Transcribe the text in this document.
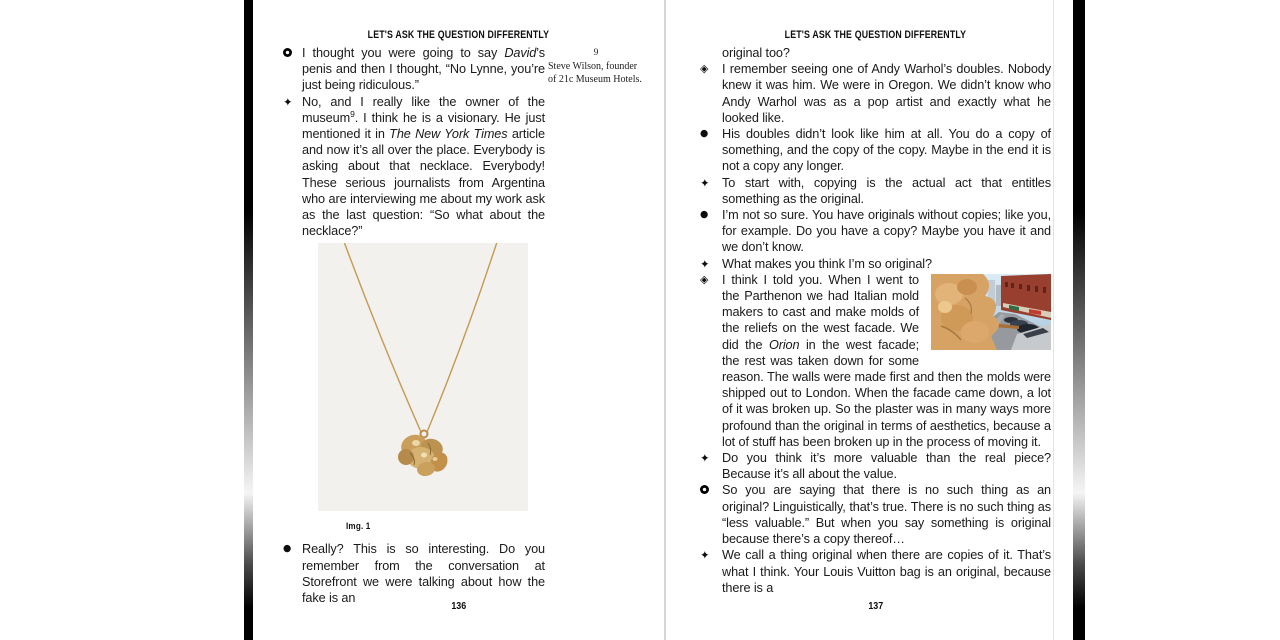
LET'S ASK THE QUESTION DIFFERENTLY
I thought you were going to say David’s penis and then I thought, “No Lynne, you’re just being ridiculous.”
✦ No, and I really like the owner of the museum$^9$. I think he is a visionary. He just mentioned it in The New York Times article and now it’s all over the place. Everybody is asking about that necklace. Everybody! These serious journalists from Argentina who are interviewing me about my work ask as the last question: “So what about the necklace?”
Img. 1
● Really? This is so interesting. Do you remember from the conversation at Storefront we were talking about how the fake is an
9
Steve Wilson, founder
of 21c Museum Hotels.
136
LET'S ASK THE QUESTION DIFFERENTLY
original too?
◈	I remember seeing one of Andy Warhol’s doubles. Nobody knew it was him. We were in Oregon. We didn’t know who Andy Warhol was as a pop artist and exactly what he looked like.
●	His doubles didn’t look like him at all. You do a copy of something, and the copy of the copy. Maybe in the end it is not a copy any longer.
✦ To start with, copying is the actual act that entitles something as the original.
●	I’m not so sure. You have originals without copies; like you, for example. Do you have a copy? Maybe you have it and we don’t know.
✦ What makes you think I’m so original?
◈	I think I told you. When I went to the Parthenon we had Italian mold makers to cast and make molds of the reliefs on the west facade. We did the Orion in the west facade; the rest was taken down for some reason. The walls were made first and then the molds were shipped out to London. When the facade came down, a lot of it was broken up. So the plaster was in many ways more profound than the original in terms of aesthetics, because a lot of stuff has been broken up in the process of moving it.
✦ Do you think it’s more valuable than the real piece? Because it’s all about the value.
So you are saying that there is no such thing as an original? Linguistically, that’s true. There is no such thing as “less valuable.” But when you say something is original because there’s a copy thereof…
✦ We call a thing original when there are copies of it. That’s what I think. Your Louis Vuitton bag is an original, because there is a
137
